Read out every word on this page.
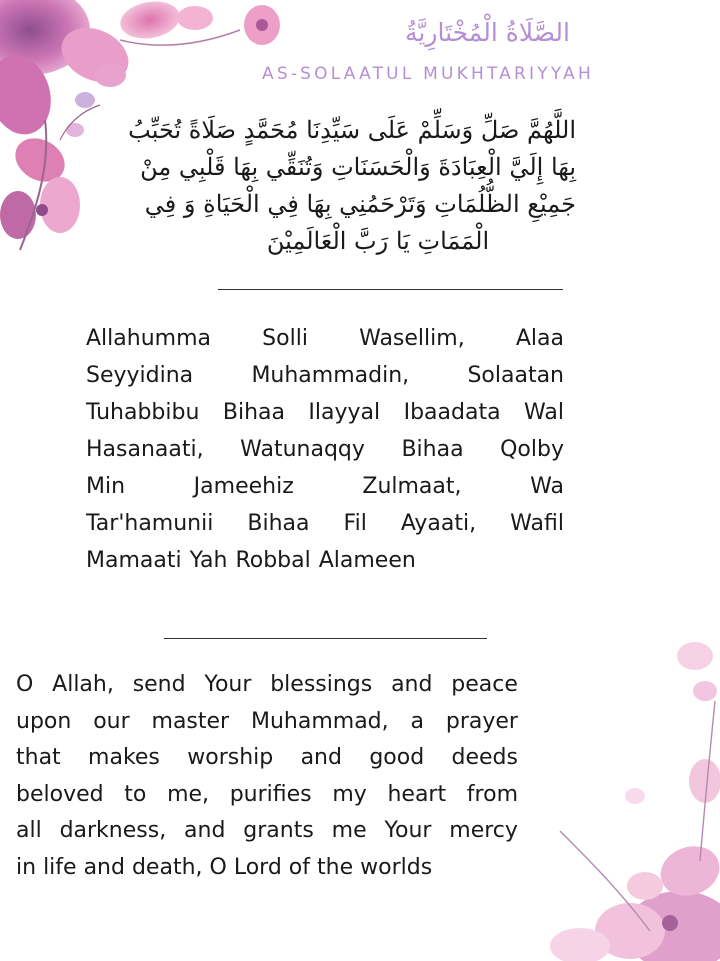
الصَّلَاةُ الْمُخْتَارِيَّةُ
AS-SOLAATUL MUKHTARIYYAH
اللَّهُمَّ صَلِّ وَسَلِّمْ عَلَى سَيِّدِنَا مُحَمَّدٍ صَلَاةً تُحَبِّبُ
بِهَا إِلَيَّ الْعِبَادَةَ وَالْحَسَنَاتِ وَتُنَقِّي بِهَا قَلْبِي مِنْ
جَمِيْعِ الظُّلُمَاتِ وَتَرْحَمُنِي بِهَا فِي الْحَيَاةِ وَ فِي
الْمَمَاتِ يَا رَبَّ الْعَالَمِيْنَ
Allahumma Solli Wasellim, Alaa
Seyyidina	Muhammadin,	Solaatan
Tuhabbibu Bihaa Ilayyal Ibaadata Wal
Hasanaati, Watunaqqy Bihaa Qolby
Min	Jameehiz	Zulmaat,	Wa
Tar'hamunii Bihaa Fil Ayaati, Wafil
Mamaati Yah Robbal Alameen
O Allah, send Your blessings and peace
upon our master Muhammad, a prayer
that makes worship and good deeds
beloved to me, purifies my heart from
all darkness, and grants me Your mercy
in life and death, O Lord of the worlds
